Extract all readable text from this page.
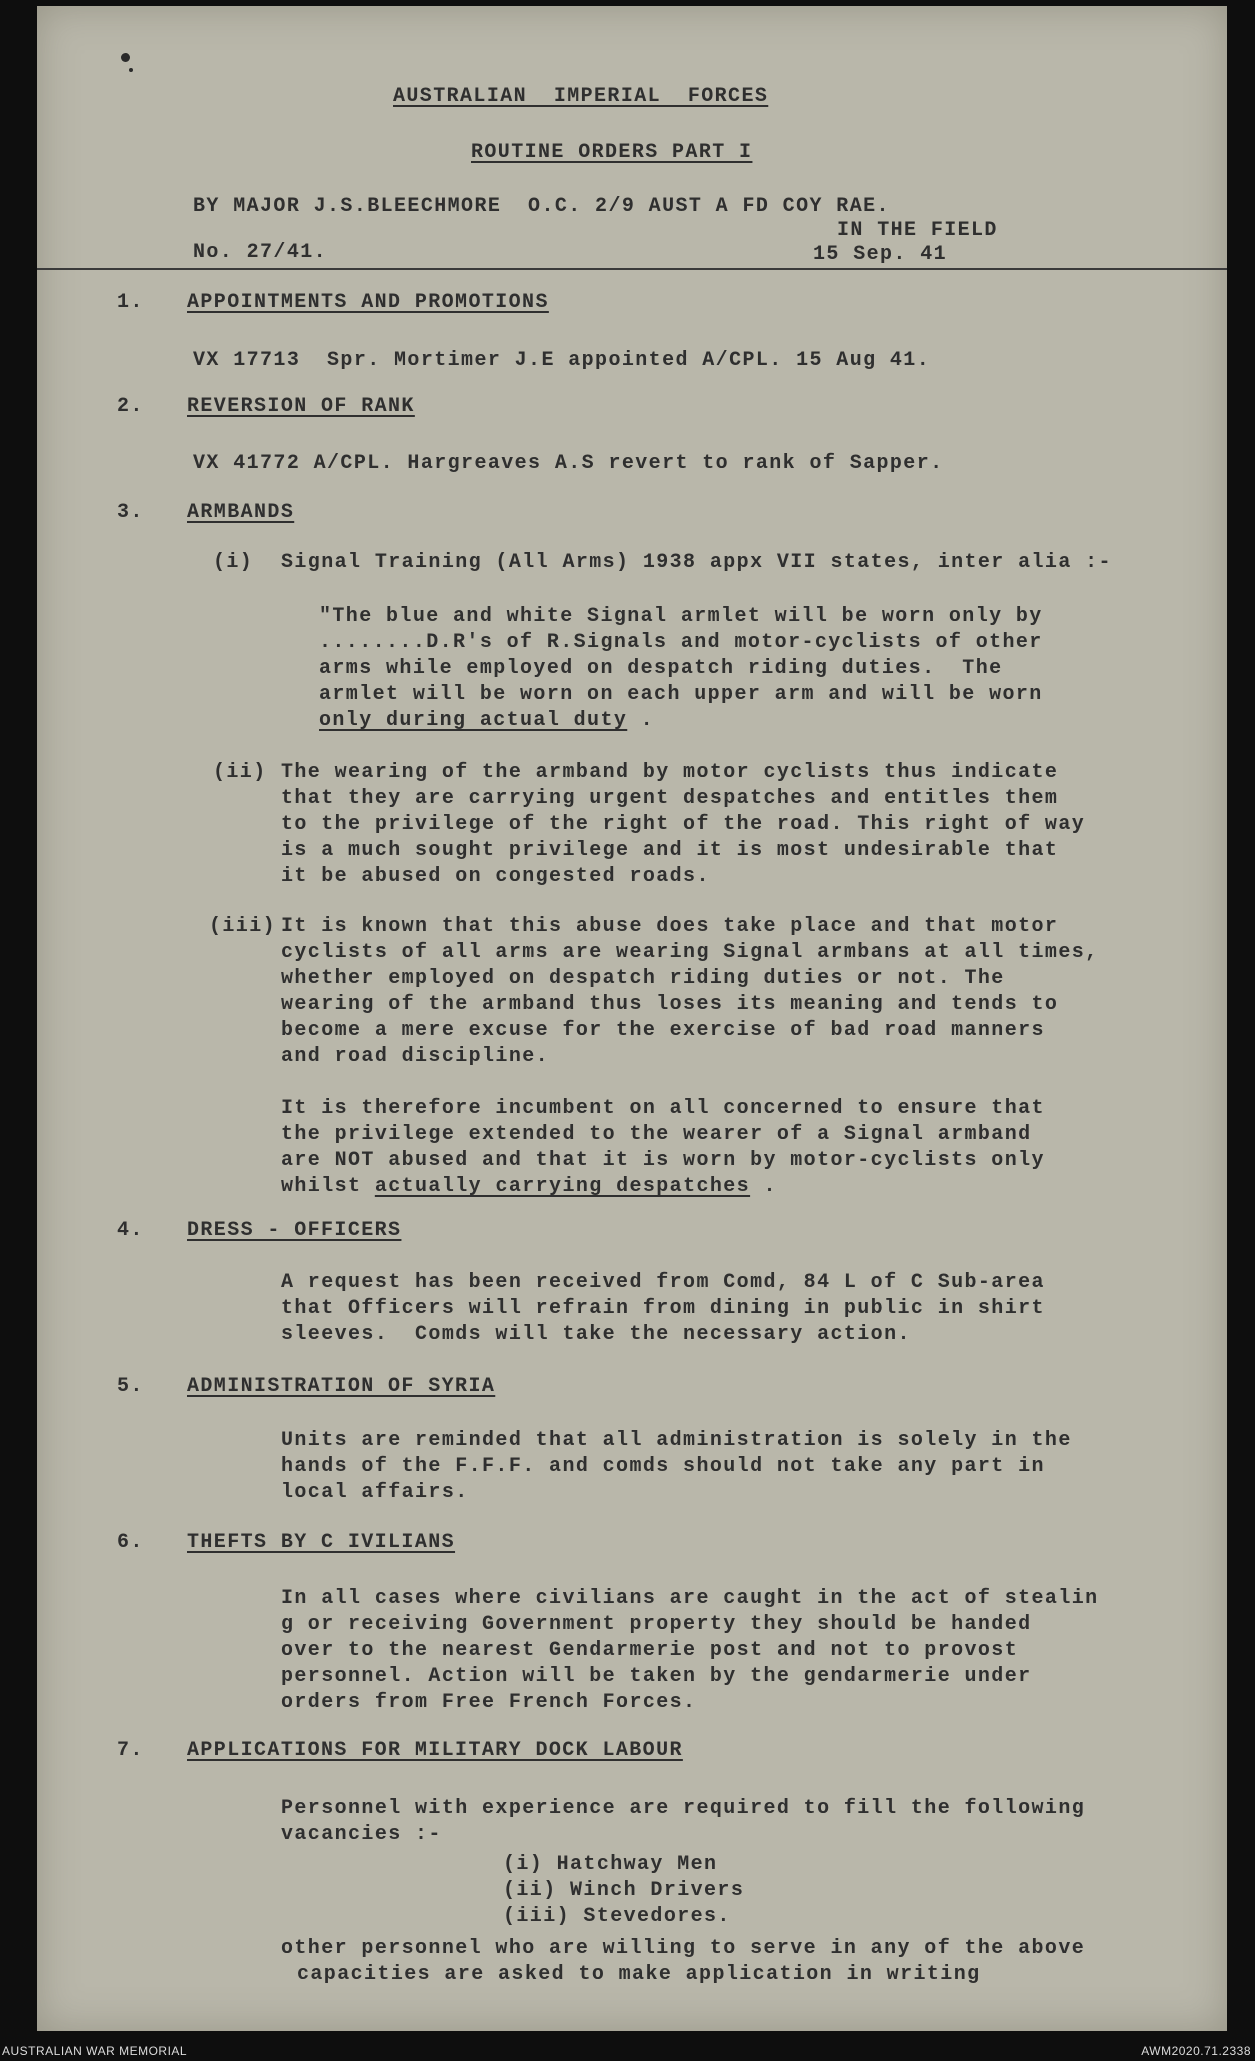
AUSTRALIAN  IMPERIAL  FORCES
ROUTINE ORDERS PART I
BY MAJOR J.S.BLEECHMORE  O.C. 2/9 AUST A FD COY RAE.
IN THE FIELD
No. 27/41.	15 Sep. 41
1. APPOINTMENTS AND PROMOTIONS
VX 17713  Spr. Mortimer J.E appointed A/CPL. 15 Aug 41.
2. REVERSION OF RANK
VX 41772 A/CPL. Hargreaves A.S revert to rank of Sapper.
3. ARMBANDS
(i) Signal Training (All Arms) 1938 appx VII states, inter alia :-
"The blue and white Signal armlet will be worn only by
........D.R's of R.Signals and motor-cyclists of other
arms while employed on despatch riding duties.  The
armlet will be worn on each upper arm and will be worn
only during actual duty .
(ii) The wearing of the armband by motor cyclists thus indicate
that they are carrying urgent despatches and entitles them
to the privilege of the right of the road. This right of way
is a much sought privilege and it is most undesirable that
it be abused on congested roads.
(iii) It is known that this abuse does take place and that motor
cyclists of all arms are wearing Signal armbans at all times,
whether employed on despatch riding duties or not. The
wearing of the armband thus loses its meaning and tends to
become a mere excuse for the exercise of bad road manners
and road discipline.
It is therefore incumbent on all concerned to ensure that
the privilege extended to the wearer of a Signal armband
are NOT abused and that it is worn by motor-cyclists only
whilst actually carrying despatches .
4. DRESS - OFFICERS
A request has been received from Comd, 84 L of C Sub-area
that Officers will refrain from dining in public in shirt
sleeves.  Comds will take the necessary action.
5. ADMINISTRATION OF SYRIA
Units are reminded that all administration is solely in the
hands of the F.F.F. and comds should not take any part in
local affairs.
6. THEFTS BY C IVILIANS
In all cases where civilians are caught in the act of stealin
g or receiving Government property they should be handed
over to the nearest Gendarmerie post and not to provost
personnel. Action will be taken by the gendarmerie under
orders from Free French Forces.
7. APPLICATIONS FOR MILITARY DOCK LABOUR
Personnel with experience are required to fill the following
vacancies :-
(i) Hatchway Men
(ii) Winch Drivers
(iii) Stevedores.
other personnel who are willing to serve in any of the above
capacities are asked to make application in writing
AUSTRALIAN WAR MEMORIAL	AWM2020.71.2338
